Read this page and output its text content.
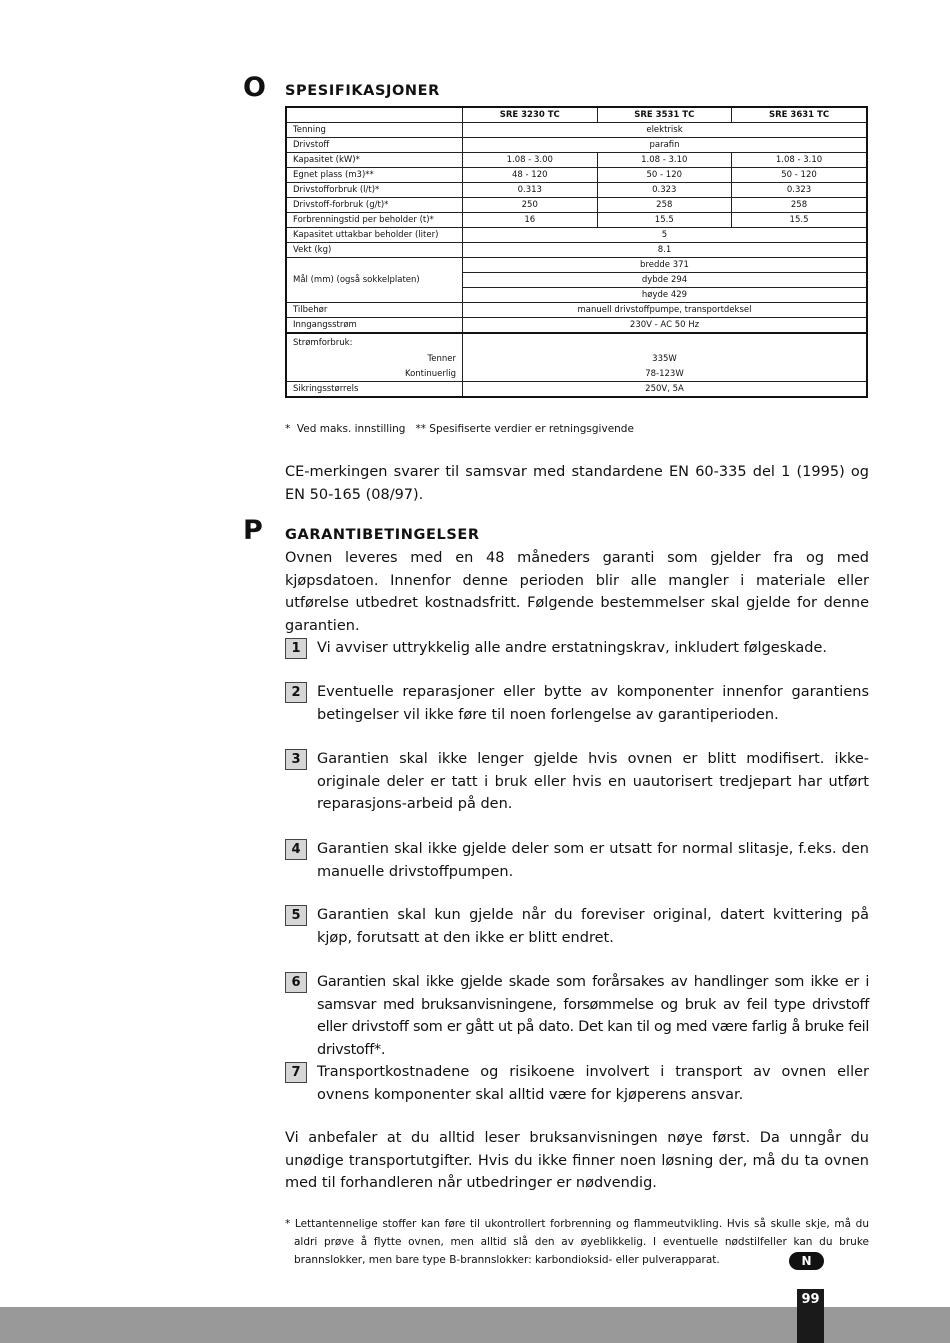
O SPESIFIKASJONER
	SRE 3230 TC	SRE 3531 TC	SRE 3631 TC
Tenning	elektrisk		
Drivstoff	parafin		
Kapasitet (kW)*	1.08 - 3.00	1.08 - 3.10	1.08 - 3.10
Egnet plass (m3)**	48 - 120	50 - 120	50 - 120
Drivstofforbruk (l/t)*	0.313	0.323	0.323
Drivstoff-forbruk (g/t)*	250	258	258
Forbrenningstid per beholder (t)*	16	15.5	15.5
Kapasitet uttakbar beholder (liter)	5		
Vekt (kg)	8.1		
Mål (mm) (også sokkelplaten)	bredde 371		
	dybde 294		
	høyde 429		
Tilbehør	manuell drivstoffpumpe, transportdeksel		
Inngangsstrøm	230V - AC 50 Hz		
Strømforbruk:			
Tenner	335W		
Kontinuerlig	78-123W		
Sikringsstørrels	250V, 5A		
*  Ved maks. innstilling   ** Spesifiserte verdier er retningsgivende
CE-merkingen svarer til samsvar med standardene EN 60-335 del 1 (1995) og EN 50-165 (08/97).
P GARANTIBETINGELSER
Ovnen leveres med en 48 måneders garanti som gjelder fra og med kjøpsdatoen. Innenfor denne perioden blir alle mangler i materiale eller utførelse utbedret kostnadsfritt. Følgende bestemmelser skal gjelde for denne garantien.
1	Vi avviser uttrykkelig alle andre erstatningskrav, inkludert følgeskade.
2	Eventuelle reparasjoner eller bytte av komponenter innenfor garantiens betingelser vil ikke føre til noen forlengelse av garantiperioden.
3	Garantien skal ikke lenger gjelde hvis ovnen er blitt modifisert. ikke-originale deler er tatt i bruk eller hvis en uautorisert tredjepart har utført reparasjons-arbeid på den.
4	Garantien skal ikke gjelde deler som er utsatt for normal slitasje, f.eks. den manuelle drivstoffpumpen.
5	Garantien skal kun gjelde når du foreviser original, datert kvittering på kjøp, forutsatt at den ikke er blitt endret.
6	Garantien skal ikke gjelde skade som forårsakes av handlinger som ikke er i samsvar med bruksanvisningene, forsømmelse og bruk av feil type drivstoff eller drivstoff som er gått ut på dato. Det kan til og med være farlig å bruke feil drivstoff*.
7	Transportkostnadene og risikoene involvert i transport av ovnen eller ovnens komponenter skal alltid være for kjøperens ansvar.
Vi anbefaler at du alltid leser bruksanvisningen nøye først. Da unngår du unødige transportutgifter. Hvis du ikke finner noen løsning der, må du ta ovnen med til forhandleren når utbedringer er nødvendig.
* Lettantennelige stoffer kan føre til ukontrollert forbrenning og flammeutvikling. Hvis så skulle skje, må du aldri prøve å flytte ovnen, men alltid slå den av øyeblikkelig. I eventuelle nødstilfeller kan du bruke brannslokker, men bare type B-brannslokker: karbondioksid- eller pulverapparat.	N
99
